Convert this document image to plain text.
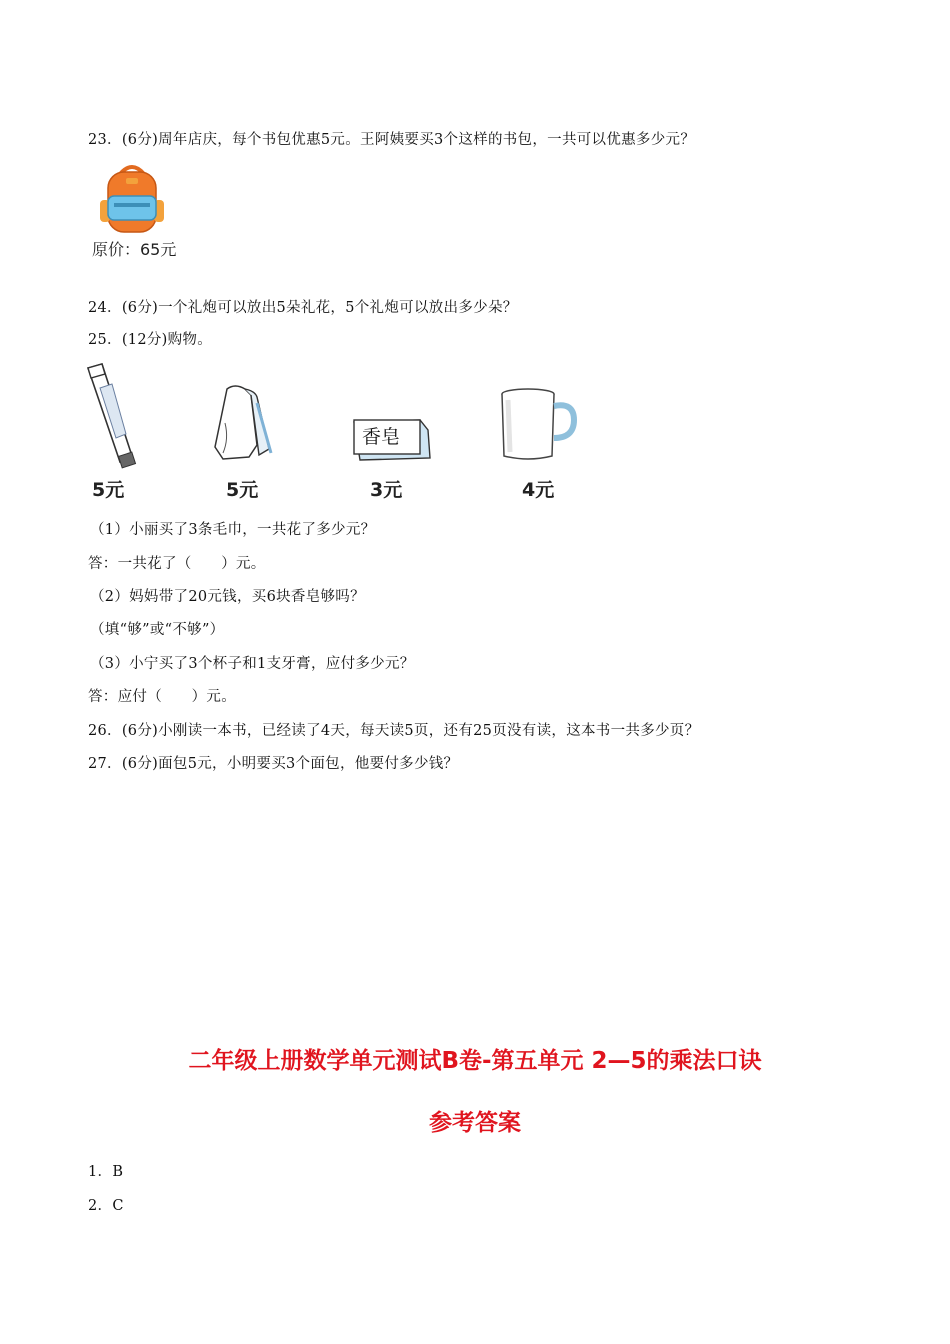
23．(6分)周年店庆，每个书包优惠5元。王阿姨要买3个这样的书包，一共可以优惠多少元？
原价：65元
24．(6分)一个礼炮可以放出5朵礼花，5个礼炮可以放出多少朵？
25．(12分)购物。
5元	5元
香皂
3元	4元
（1）小丽买了3条毛巾，一共花了多少元？
答：一共花了（　　）元。
（2）妈妈带了20元钱，买6块香皂够吗？
（填“够”或“不够”）
（3）小宁买了3个杯子和1支牙膏，应付多少元？
答：应付（　　）元。
26．(6分)小刚读一本书，已经读了4天，每天读5页，还有25页没有读，这本书一共多少页？
27．(6分)面包5元，小明要买3个面包，他要付多少钱？
二年级上册数学单元测试B卷-第五单元 2—5的乘法口诀
参考答案
1．B
2．C
